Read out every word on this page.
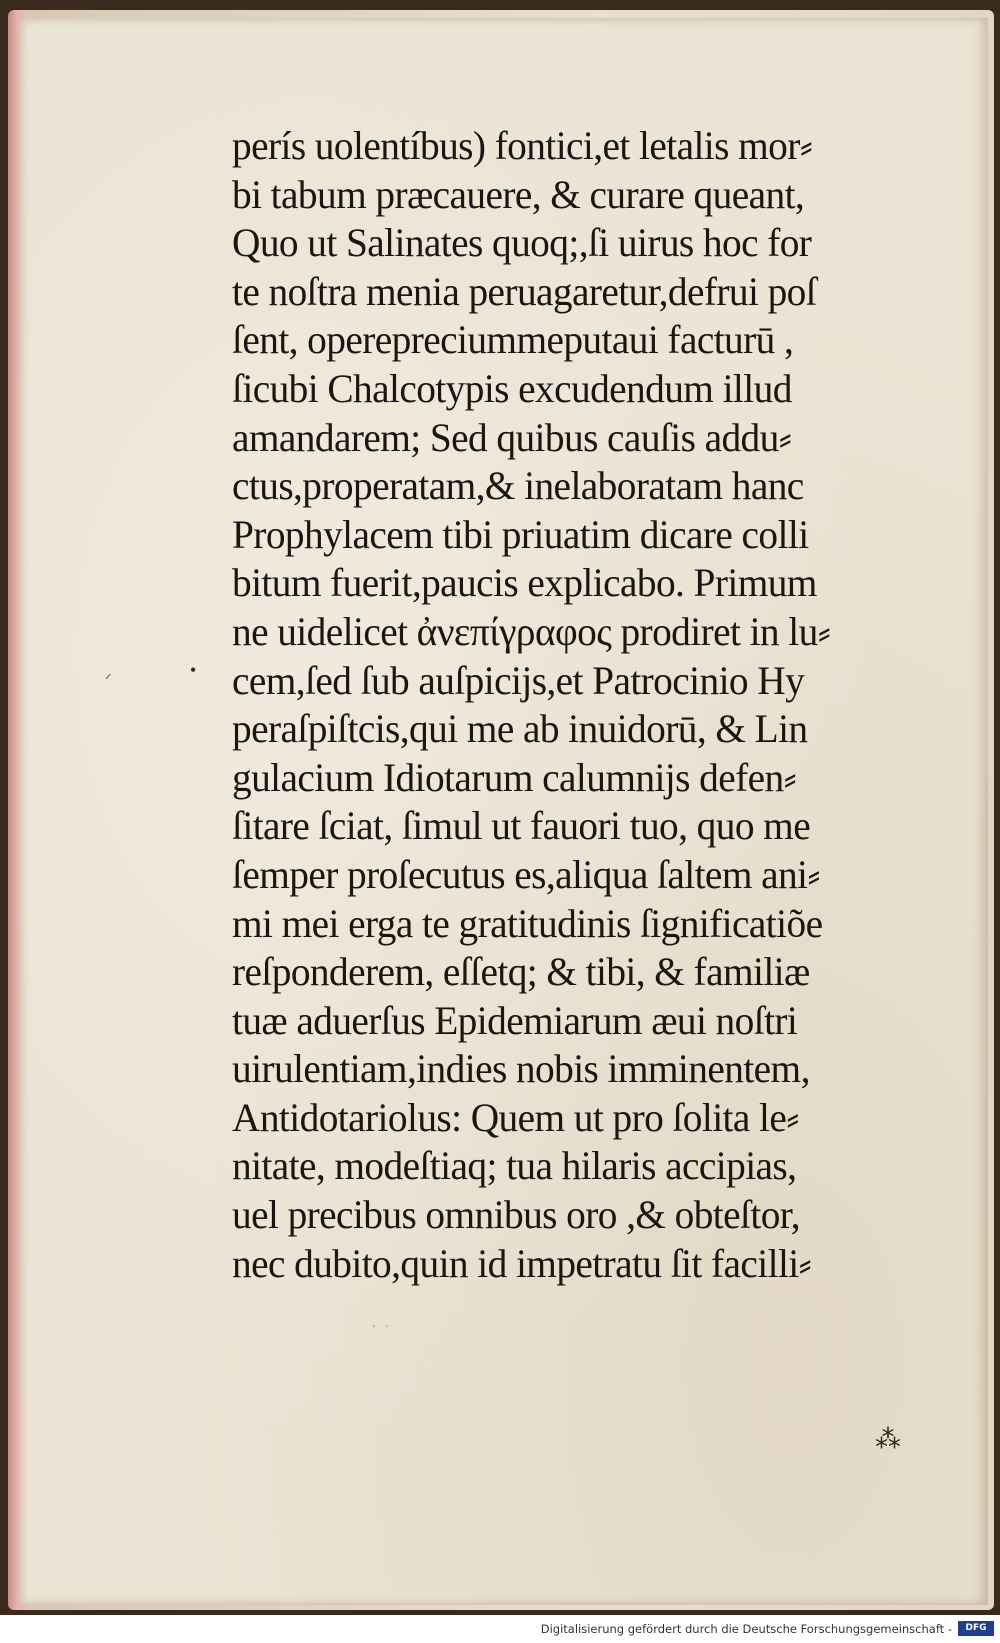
perís uolentíbus) fontici,et letalis mor⸗
bi tabum præcauere, & curare queant,
Quo ut Salinates quoq;,ſi uirus hoc for
te noſtra menia peruagaretur,defrui poſ
ſent, operepreciummeputaui facturū ,
ſicubi Chalcotypis excudendum illud
amandarem; Sed quibus cauſis addu⸗
ctus,properatam,& inelaboratam hanc
Prophylacem tibi priuatim dicare colli
bitum fuerit,paucis explicabo. Primum
ne uidelicet ἀνεπίγραφος prodiret in lu⸗
cem,ſed ſub auſpicijs,et Patrocinio Hy
peraſpiſtcis,qui me ab inuidorū, & Lin
gulacium Idiotarum calumnijs defen⸗
ſitare ſciat, ſimul ut fauori tuo, quo me
ſemper proſecutus es,aliqua ſaltem ani⸗
mi mei erga te gratitudinis ſignificatiõe
reſponderem, eſſetq; & tibi, & familiæ
tuæ aduerſus Epidemiarum æui noſtri
uirulentiam,indies nobis imminentem,
Antidotariolus: Quem ut pro ſolita le⸗
nitate, modeſtiaq; tua hilaris accipias,
uel precibus omnibus oro ,& obteſtor,
nec dubito,quin id impetratu ſit facilli⸗
•
ᐟ
⁂
˙ ˙
Digitalisierung gefördert durch die Deutsche Forschungsgemeinschaft -	DFG
